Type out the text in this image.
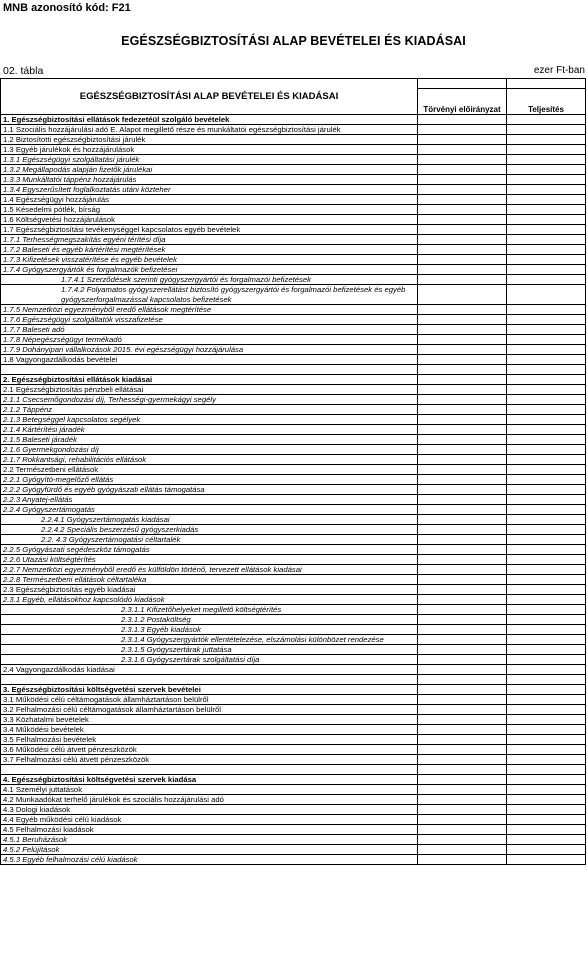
MNB azonosító kód: F21
EGÉSZSÉGBIZTOSÍTÁSI ALAP BEVÉTELEI ÉS KIADÁSAI
02. tábla	ezer Ft-ban
EGÉSZSÉGBIZTOSÍTÁSI ALAP BEVÉTELEI ÉS KIADÁSAI		
	Törvényi előirányzat	Teljesítés
1. Egészségbiztosítási ellátások fedezetéül szolgáló bevételek		
1.1 Szociális hozzájárulási adó E. Alapot megillető része és munkáltatói egészségbiztosítási járulék		
1.2 Biztosítotti egészségbiztosítási járulék		
1.3 Egyéb járulékok és hozzájárulások		
1.3.1 Egészségügyi szolgáltatási járulék		
1.3.2 Megállapodás alapján fizetők járulékai		
1.3.3 Munkáltatói táppénz hozzájárulás		
1.3.4 Egyszerűsített foglalkoztatás utáni közteher		
1.4 Egészségügyi hozzájárulás		
1.5 Késedelmi pótlék, bírság		
1.6 Költségvetési hozzájárulások		
1.7 Egészségbiztosítási tevékenységgel kapcsolatos egyéb bevételek		
1.7.1 Terhességmegszakítás egyéni térítési díja		
1.7.2 Baleseti és egyéb kártérítési megtérítések		
1.7.3 Kifizetések visszatérítése és egyéb bevételek		
1.7.4 Gyógyszergyártók és forgalmazók befizetései		
1.7.4.1 Szerződések szerinti gyógyszergyártói és forgalmazói befizetések		
1.7.4.2 Folyamatos gyógyszerellátást biztosító gyógyszergyártói és forgalmazói befizetések és egyéb gyógyszerforgalmazással kapcsolatos befizetések		
1.7.5 Nemzetközi egyezményből eredő ellátások megtérítése		
1.7.6 Egészségügyi szolgáltatók visszafizetése		
1.7.7 Baleseti adó		
1.7.8 Népegészségügyi termékadó		
1.7.9 Dohányipari vállalkozások 2015. évi egészségügyi hozzájárulása		
1.8 Vagyongazdálkodás bevételei		

2. Egészségbiztosítási ellátások kiadásai		
2.1 Egészségbiztosítás pénzbeli ellátásai		
2.1.1 Csecsemőgondozási díj, Terhességi-gyermekágyi segély		
2.1.2 Táppénz		
2.1.3 Betegséggel kapcsolatos segélyek		
2.1.4 Kártérítési járadék		
2.1.5 Baleseti járadék		
2.1.6 Gyermekgondozási díj		
2.1.7 Rokkantsági, rehabilitációs ellátások		
2.2 Természetbeni ellátások		
2.2.1 Gyógyító-megelőző ellátás		
2.2.2 Gyógyfürdő és egyéb gyógyászati ellátás támogatása		
2.2.3 Anyatej-ellátás		
2.2.4 Gyógyszertámogatás		
2.2.4.1 Gyógyszertámogatás kiadásai		
2.2.4.2 Speciális beszerzésű gyógyszerkiadás		
2.2. 4.3 Gyógyszertámogatási céltartalék		
2.2.5 Gyógyászati segédeszköz támogatás		
2.2.6 Utazási költségtérítés		
2.2.7 Nemzetközi egyezményből eredő és külföldön történő, tervezett ellátások kiadásai		
2.2.8 Természetbeni ellátások céltartaléka		
2.3 Egészségbiztosítás egyéb kiadásai		
2.3.1 Egyéb, ellátásokhoz kapcsolódó kiadások		
2.3.1.1 Kifizetőhelyeket megillető költségtérítés		
2.3.1.2 Postaköltség		
2.3.1.3 Egyéb kiadások		
2.3.1.4 Gyógyszergyártók ellentételezése, elszámolási különbözet rendezése		
2.3.1.5 Gyógyszertárak juttatása		
2.3.1.6 Gyógyszertárak szolgáltatási díja		
2.4 Vagyongazdálkodás kiadásai		

3. Egészségbiztosítási költségvetési szervek bevételei		
3.1 Működési célú céltámogatások államháztartáson belülről		
3.2 Felhalmozási célú céltámogatások államháztartáson belülről		
3.3 Közhatalmi bevételek		
3.4 Működési bevételek		
3.5 Felhalmozási bevételek		
3.6 Működési célú átvett pénzeszközök		
3.7 Felhalmozási célú átvett pénzeszközök		

4. Egészségbiztosítási költségvetési szervek kiadása		
4.1 Személyi juttatások		
4.2 Munkaadókat terhelő járulékok és szociális hozzájárulási adó		
4.3 Dologi kiadások		
4.4 Egyéb működési célú kiadások		
4.5 Felhalmozási kiadások		
4.5.1 Beruházások		
4.5.2 Felújítások		
4.5.3 Egyéb felhalmozási célú kiadások		
